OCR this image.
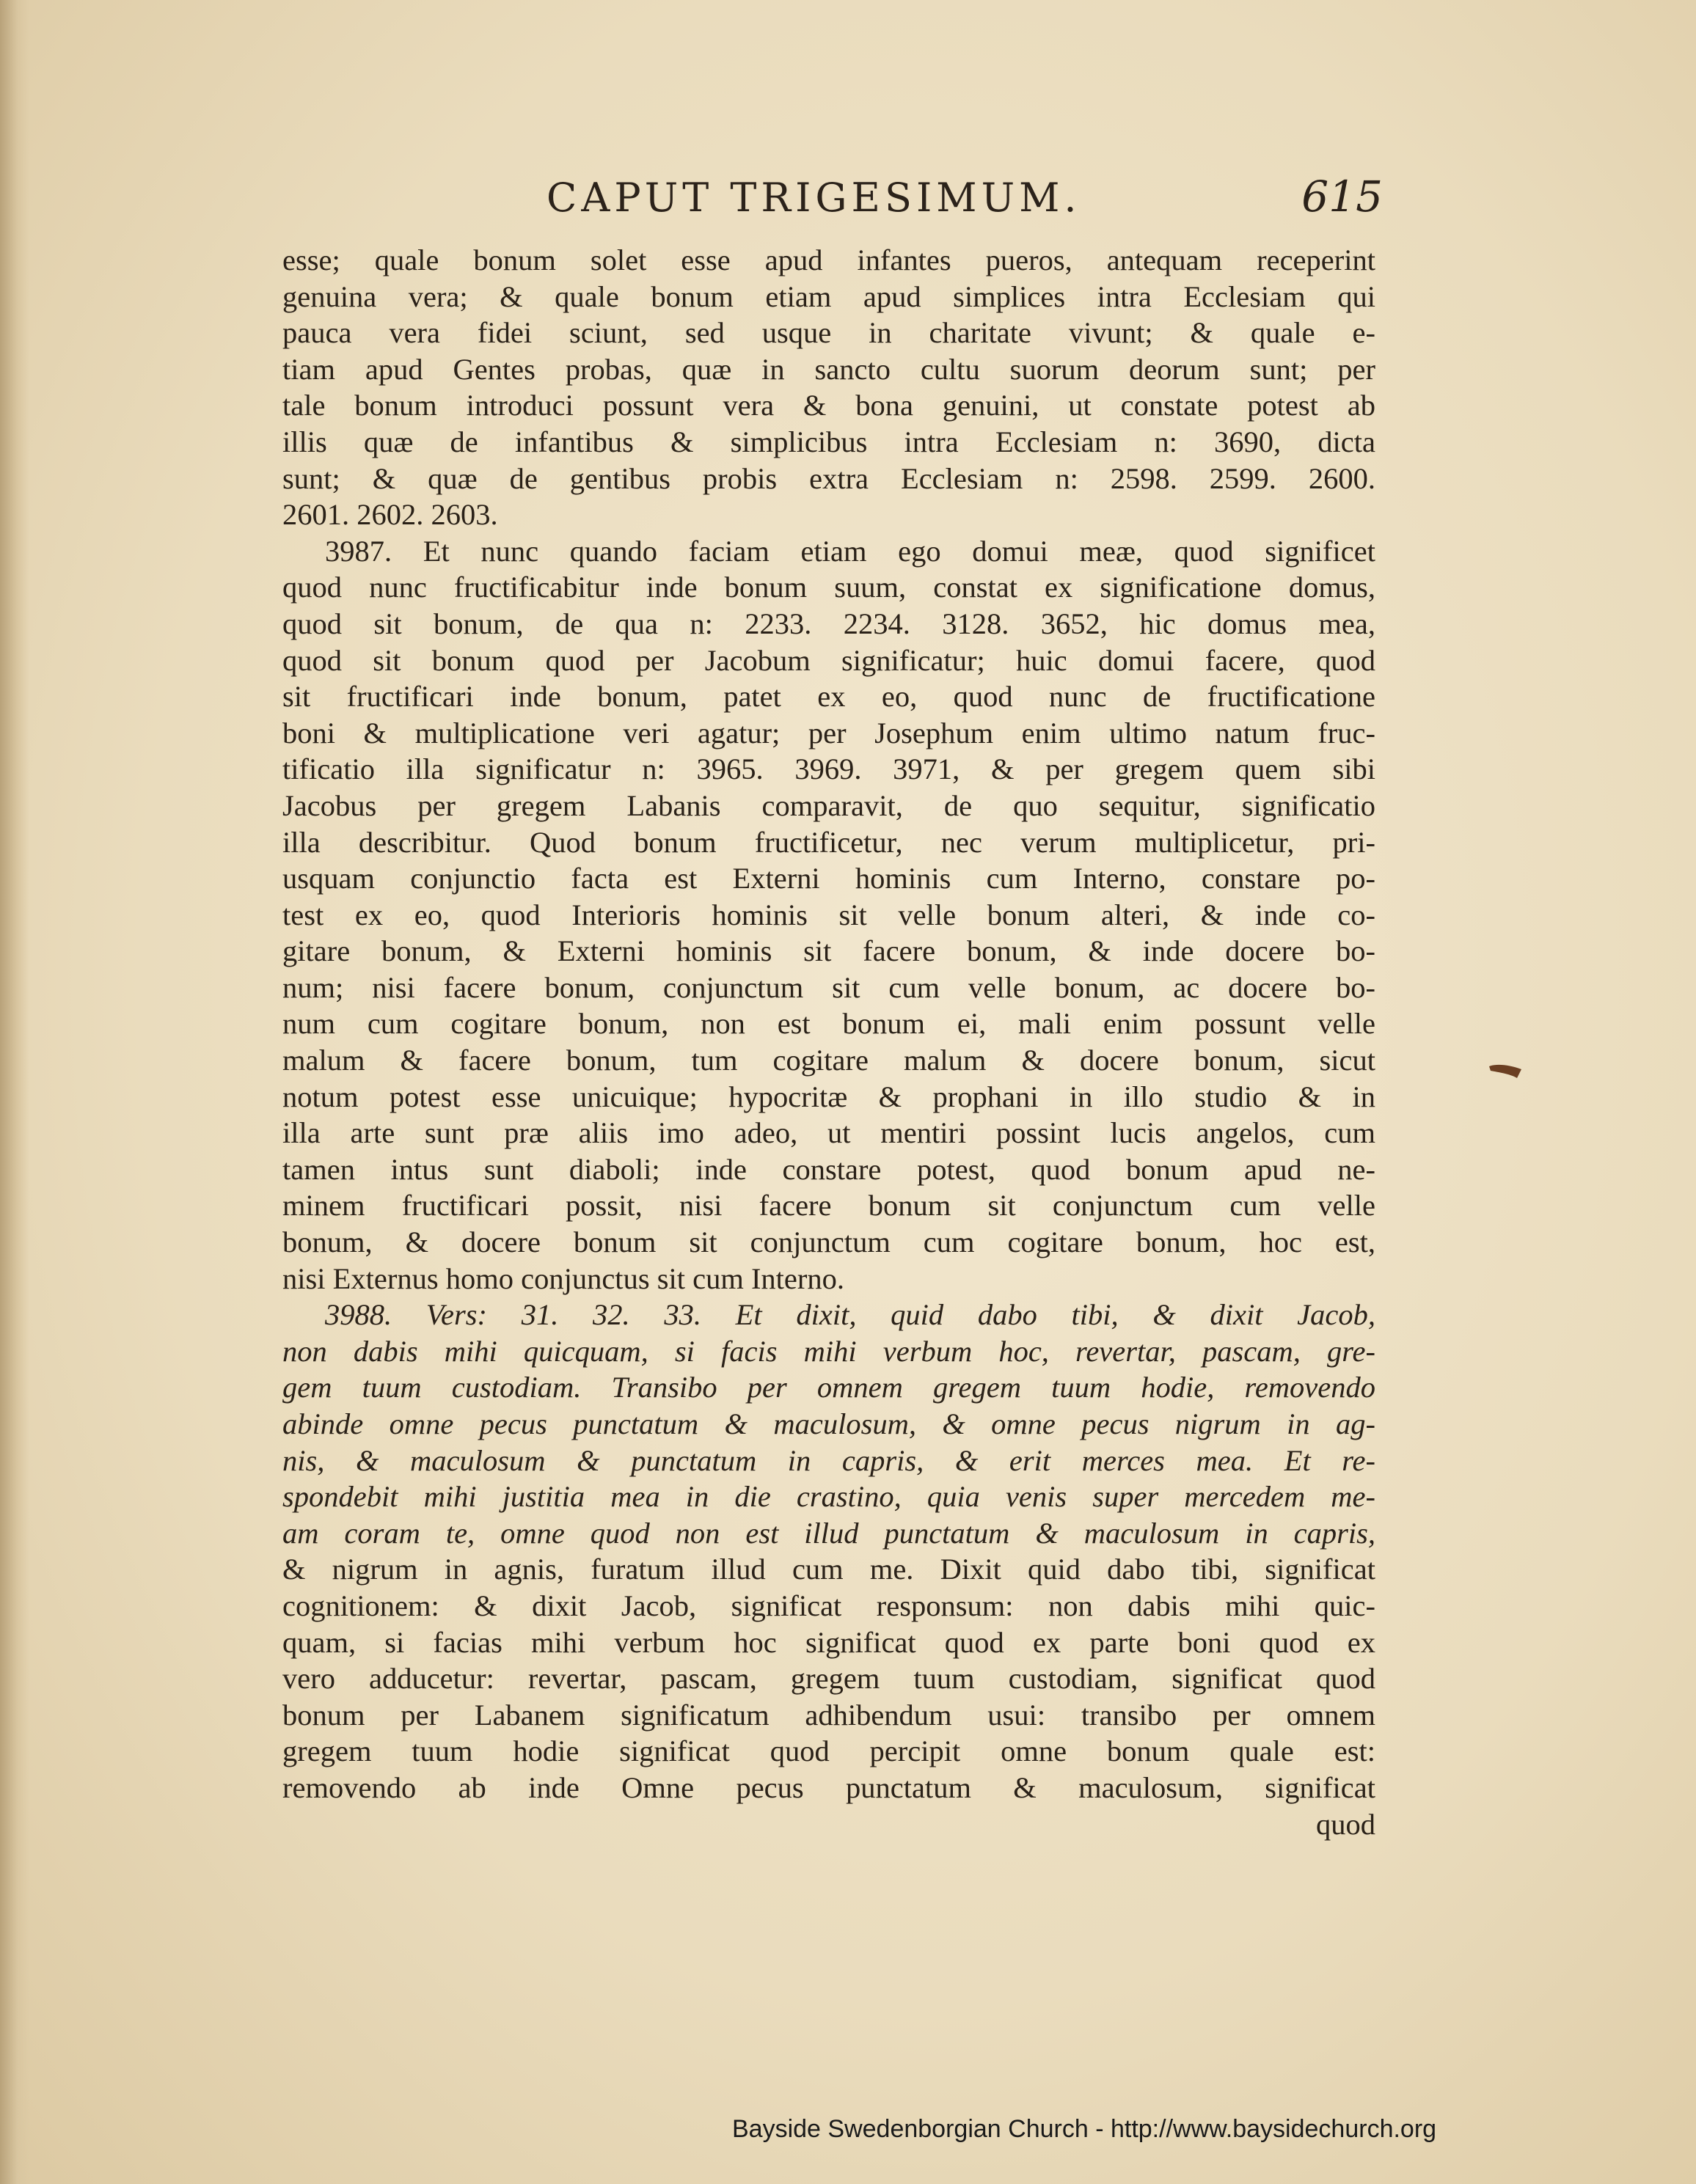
CAPUT TRIGESIMUM.	615
esse; quale bonum solet esse apud infantes pueros, antequam receperint
genuina vera; & quale bonum etiam apud simplices intra Ecclesiam qui
pauca vera fidei sciunt, sed usque in charitate vivunt; & quale e-
tiam apud Gentes probas, quæ in sancto cultu suorum deorum sunt; per
tale bonum introduci possunt vera & bona genuini, ut constate potest ab
illis quæ de infantibus & simplicibus intra Ecclesiam n: 3690, dicta
sunt; & quæ de gentibus probis extra Ecclesiam n: 2598. 2599. 2600.
2601. 2602. 2603.
3987. Et nunc quando faciam etiam ego domui meæ, quod significet
quod nunc fructificabitur inde bonum suum, constat ex significatione domus,
quod sit bonum, de qua n: 2233. 2234. 3128. 3652, hic domus mea,
quod sit bonum quod per Jacobum significatur; huic domui facere, quod
sit fructificari inde bonum, patet ex eo, quod nunc de fructificatione
boni & multiplicatione veri agatur; per Josephum enim ultimo natum fruc-
tificatio illa significatur n: 3965. 3969. 3971, & per gregem quem sibi
Jacobus per gregem Labanis comparavit, de quo sequitur, significatio
illa describitur. Quod bonum fructificetur, nec verum multiplicetur, pri-
usquam conjunctio facta est Externi hominis cum Interno, constare po-
test ex eo, quod Interioris hominis sit velle bonum alteri, & inde co-
gitare bonum, & Externi hominis sit facere bonum, & inde docere bo-
num; nisi facere bonum, conjunctum sit cum velle bonum, ac docere bo-
num cum cogitare bonum, non est bonum ei, mali enim possunt velle
malum & facere bonum, tum cogitare malum & docere bonum, sicut
notum potest esse unicuique; hypocritæ & prophani in illo studio & in
illa arte sunt præ aliis imo adeo, ut mentiri possint lucis angelos, cum
tamen intus sunt diaboli; inde constare potest, quod bonum apud ne-
minem fructificari possit, nisi facere bonum sit conjunctum cum velle
bonum, & docere bonum sit conjunctum cum cogitare bonum, hoc est,
nisi Externus homo conjunctus sit cum Interno.
3988. Vers: 31. 32. 33. Et dixit, quid dabo tibi, & dixit Jacob,
non dabis mihi quicquam, si facis mihi verbum hoc, revertar, pascam, gre-
gem tuum custodiam. Transibo per omnem gregem tuum hodie, removendo
abinde omne pecus punctatum & maculosum, & omne pecus nigrum in ag-
nis, & maculosum & punctatum in capris, & erit merces mea. Et re-
spondebit mihi justitia mea in die crastino, quia venis super mercedem me-
am coram te, omne quod non est illud punctatum & maculosum in capris,
& nigrum in agnis, furatum illud cum me. Dixit quid dabo tibi, significat
cognitionem: & dixit Jacob, significat responsum: non dabis mihi quic-
quam, si facias mihi verbum hoc significat quod ex parte boni quod ex
vero adducetur: revertar, pascam, gregem tuum custodiam, significat quod
bonum per Labanem significatum adhibendum usui: transibo per omnem
gregem tuum hodie significat quod percipit omne bonum quale est:
removendo ab inde Omne pecus punctatum & maculosum, significat
quod
Bayside Swedenborgian Church - http://www.baysidechurch.org
